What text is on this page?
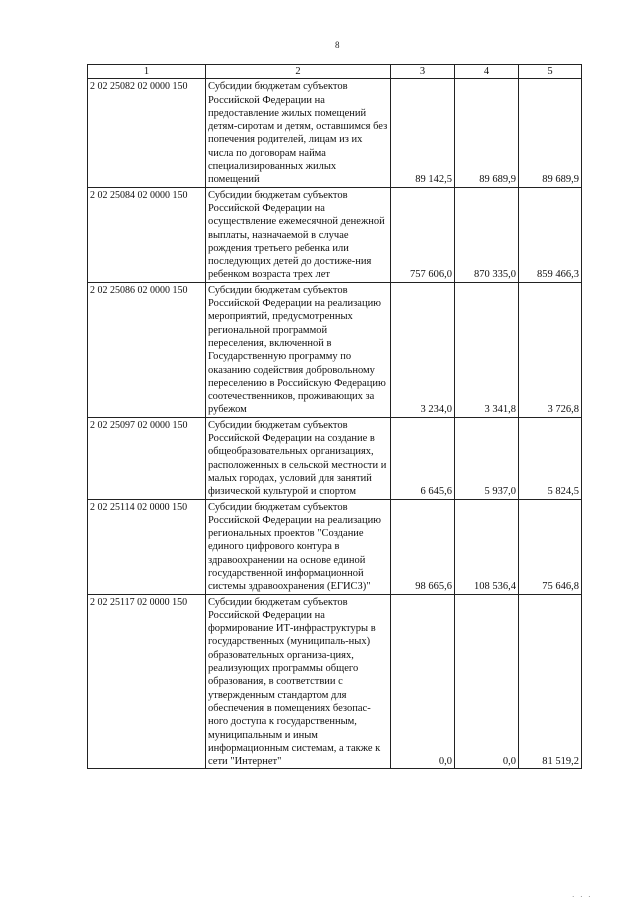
8
1	2	3	4	5
2 02 25082 02 0000 150	Субсидии бюджетам субъектов Российской Федерации на предоставление жилых помещений детям-сиротам и детям, оставшимся без попечения родителей, лицам из их числа по договорам найма специализированных жилых помещений	89 142,5	89 689,9	89 689,9
2 02 25084 02 0000 150	Субсидии бюджетам субъектов Российской Федерации на осуществление ежемесячной денежной выплаты, назначаемой в случае рождения третьего ребенка или последующих детей до достиже-ния ребенком возраста трех лет	757 606,0	870 335,0	859 466,3
2 02 25086 02 0000 150	Субсидии бюджетам субъектов Российской Федерации на реализацию мероприятий, предусмотренных региональной программой переселения, включенной в Государственную программу по оказанию содействия добровольному переселению в Российскую Федерацию соотечественников, проживающих за рубежом	3 234,0	3 341,8	3 726,8
2 02 25097 02 0000 150	Субсидии бюджетам субъектов Российской Федерации на создание в общеобразовательных организациях, расположенных в сельской местности и малых городах, условий для занятий физической культурой и спортом	6 645,6	5 937,0	5 824,5
2 02 25114 02 0000 150	Субсидии бюджетам субъектов Российской Федерации на реализацию региональных проектов "Создание единого цифрового контура в здравоохранении на основе единой государственной информационной системы здравоохранения (ЕГИСЗ)"	98 665,6	108 536,4	75 646,8
2 02 25117 02 0000 150	Субсидии бюджетам субъектов Российской Федерации на формирование ИТ-инфраструктуры в государственных (муниципаль-ных) образовательных организа-циях, реализующих программы общего образования, в соответствии с утвержденным стандартом для обеспечения в помещениях безопас-ного доступа к государственным, муниципальным и иным информационным системам, а также к сети "Интернет"	0,0	0,0	81 519,2
· · ·
